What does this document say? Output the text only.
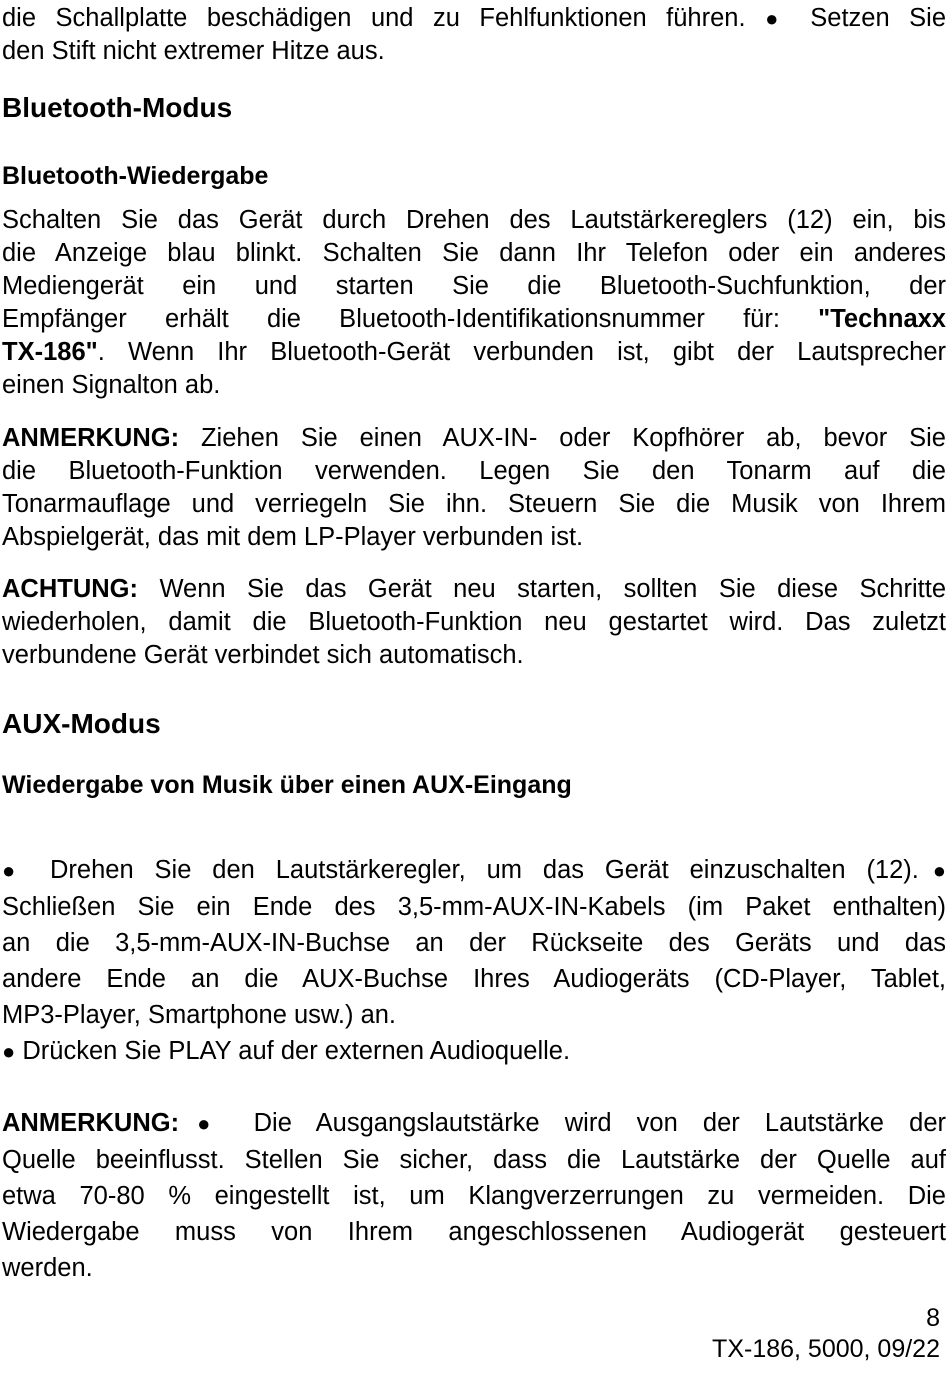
die Schallplatte beschädigen und zu Fehlfunktionen führen. ●	Setzen Sie
den Stift nicht extremer Hitze aus.
Bluetooth-Modus
Bluetooth-Wiedergabe
Schalten Sie das Gerät durch Drehen des Lautstärkereglers (12) ein, bis
die Anzeige blau blinkt. Schalten Sie dann Ihr Telefon oder ein anderes
Mediengerät ein und starten Sie die Bluetooth-Suchfunktion, der
Empfänger erhält die Bluetooth-Identifikationsnummer für: "Technaxx
TX-186". Wenn Ihr Bluetooth-Gerät verbunden ist, gibt der Lautsprecher
einen Signalton ab.
ANMERKUNG: Ziehen Sie einen AUX-IN- oder Kopfhörer ab, bevor Sie
die Bluetooth-Funktion verwenden. Legen Sie den Tonarm auf die
Tonarmauflage und verriegeln Sie ihn. Steuern Sie die Musik von Ihrem
Abspielgerät, das mit dem LP-Player verbunden ist.
ACHTUNG: Wenn Sie das Gerät neu starten, sollten Sie diese Schritte
wiederholen, damit die Bluetooth-Funktion neu gestartet wird. Das zuletzt
verbundene Gerät verbindet sich automatisch.
AUX-Modus
Wiedergabe von Musik über einen AUX-Eingang
● Drehen Sie den Lautstärkeregler, um das Gerät einzuschalten (12).●
Schließen Sie ein Ende des 3,5-mm-AUX-IN-Kabels (im Paket enthalten)
an die 3,5-mm-AUX-IN-Buchse an der Rückseite des Geräts und das
andere Ende an die AUX-Buchse Ihres Audiogeräts (CD-Player, Tablet,
MP3-Player, Smartphone usw.) an.
● Drücken Sie PLAY auf der externen Audioquelle.
ANMERKUNG:● Die Ausgangslautstärke wird von der Lautstärke der
Quelle beeinflusst. Stellen Sie sicher, dass die Lautstärke der Quelle auf
etwa 70-80 % eingestellt ist, um Klangverzerrungen zu vermeiden. Die
Wiedergabe muss von Ihrem angeschlossenen Audiogerät gesteuert
werden.
8
TX-186, 5000, 09/22
